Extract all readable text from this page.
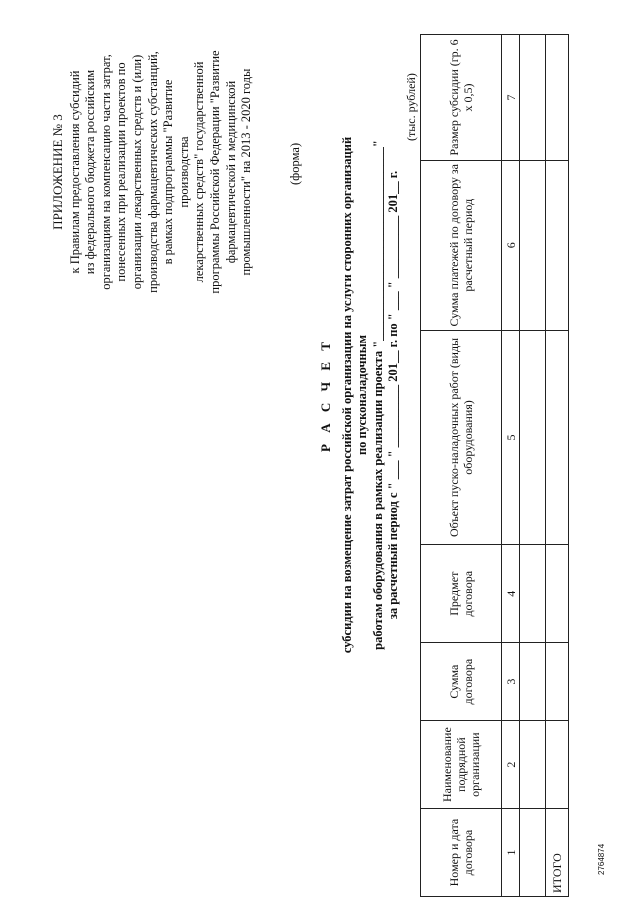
ПРИЛОЖЕНИЕ № 3 к Правилам предоставления субсидий из федерального бюджета российским организациям на компенсацию части затрат, понесенных при реализации проектов по организации лекарственных средств и (или) производства фармацевтических субстанций, в рамках подпрограммы "Развитие производства лекарственных средств" государственной программы Российской Федерации "Развитие фармацевтической и медицинской промышленности" на 2013 - 2020 годы	(форма)
Р А С Ч Е Т субсидии на возмещение затрат российской организации на услуги сторонних организаций по пусконаладочным работам оборудования в рамках реализации проекта "_______________________________" за расчетный период с " ___ " __________ 201__ г. по " ___ " __________ 201__ г.
(тыс. рублей)
Номер и дата договора	Наименование подрядной организации	Сумма договора	Предмет договора	Объект пуско-наладочных работ (виды оборудования)	Сумма платежей по договору за расчетный период	Размер субсидии (гр. 6 x 0,5)
1	2	3	4	5	6	7

ИТОГО							2764874
